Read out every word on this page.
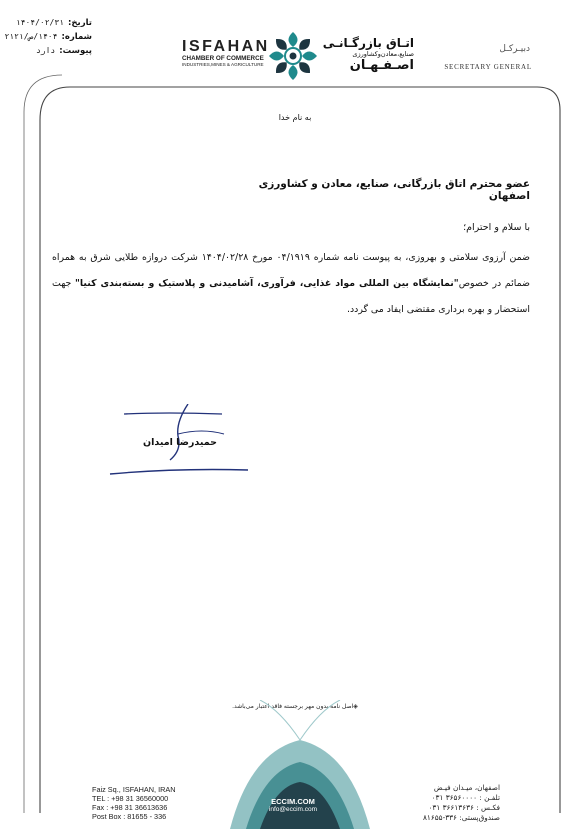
تاریخ:
۱۴۰۴/۰۲/۳۱
شماره:
۱۴۰۴/ص/۲۱۲۱
پیوست:
دارد	ISFAHAN
CHAMBER OF COMMERCE
INDUSTRIES,MINES & AGRICULTURE
اتـاق بازرگـانـی
صنایع،معادن‌وکشاورزی
اصـفـهـان
دبیـرکـل
SECRETARY GENERAL
به نام خدا
عضو محترم اتاق بازرگانی، صنایع، معادن و کشاورزی اصفهان
با سلام و احترام؛
ضمن آرزوی سلامتی و بهروزی، به پیوست نامه شماره ۰۴/۱۹۱۹ مورخ ۱۴۰۴/۰۲/۲۸ شرکت دروازه طلایی شرق به همراه ضمائم در خصوص"نمایشگاه بین المللی مواد غذایی، فرآوری، آشامیدنی و پلاستیک و بسته‌بندی کنیا" جهت استحضار و بهره برداری مقتضی ایفاد می گردد.
حمیدرضا امیدان
◈اصل نامه بدون مهر برجسته فاقد اعتبار می‌باشد.
ECCIM.COM
info@eccim.com
Faiz Sq., ISFAHAN, IRAN
TEL : +98 31 36560000
Fax : +98 31 36613636
Post Box : 81655 - 336
اصفهان، میـدان فیـض
تلفـن : ۳۶۵۶۰۰۰۰ ۰۳۱
فکـس : ۳۶۶۱۳۶۳۶ ۰۳۱
صندوق‌پستی: ۳۳۶-۸۱۶۵۵
